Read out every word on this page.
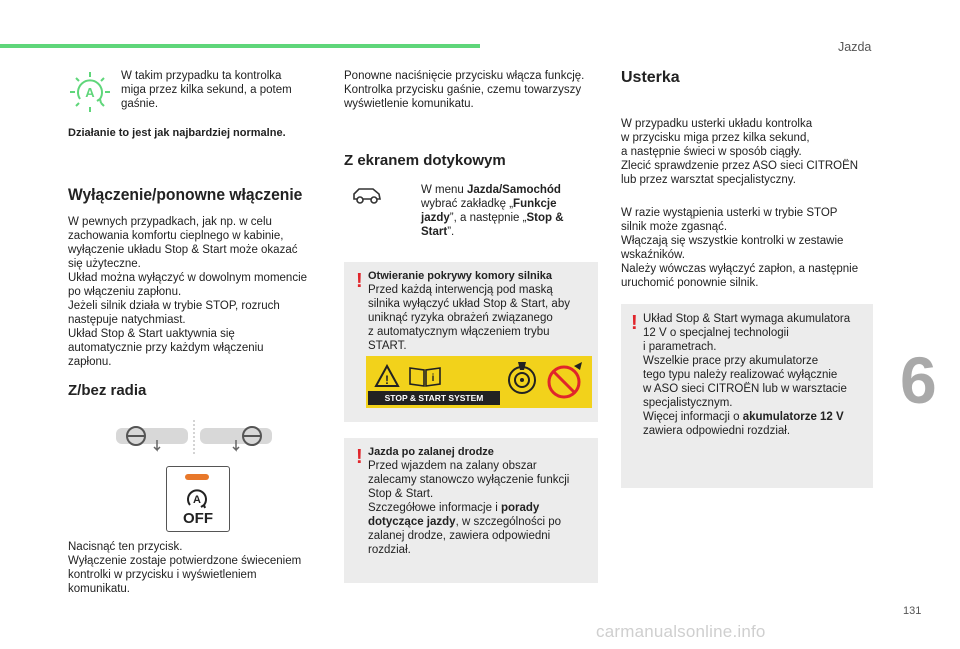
Jazda
6
131
carmanualsonline.info
A
W takim przypadku ta kontrolka
miga przez kilka sekund, a potem
gaśnie.
Działanie to jest jak najbardziej normalne.
Wyłączenie/ponowne włączenie
W pewnych przypadkach, jak np. w celu
zachowania komfortu cieplnego w kabinie,
wyłączenie układu Stop & Start może okazać
się użyteczne.
Układ można wyłączyć w dowolnym momencie
po włączeniu zapłonu.
Jeżeli silnik działa w trybie STOP, rozruch
następuje natychmiast.
Układ Stop & Start uaktywnia się
automatycznie przy każdym włączeniu
zapłonu.
Z/bez radia
A
OFF
Nacisnąć ten przycisk.
Wyłączenie zostaje potwierdzone świeceniem
kontrolki w przycisku i wyświetleniem
komunikatu.
Ponowne naciśnięcie przycisku włącza funkcję.
Kontrolka przycisku gaśnie, czemu towarzyszy
wyświetlenie komunikatu.
Z ekranem dotykowym
W menu Jazda/Samochód
wybrać zakładkę „Funkcje
jazdy”, a następnie „Stop &
Start”.
! Otwieranie pokrywy komory silnika
Przed każdą interwencją pod maską
silnika wyłączyć układ Stop & Start, aby
uniknąć ryzyka obrażeń związanego
z automatycznym włączeniem trybu
START.
!	i
STOP & START SYSTEM
! Jazda po zalanej drodze
Przed wjazdem na zalany obszar
zalecamy stanowczo wyłączenie funkcji
Stop & Start.
Szczegółowe informacje i porady
dotyczące jazdy, w szczególności po
zalanej drodze, zawiera odpowiedni
rozdział.
Usterka
W przypadku usterki układu kontrolka
w przycisku miga przez kilka sekund,
a następnie świeci w sposób ciągły.
Zlecić sprawdzenie przez ASO sieci CITROËN
lub przez warsztat specjalistyczny.
W razie wystąpienia usterki w trybie STOP
silnik może zgasnąć.
Włączają się wszystkie kontrolki w zestawie
wskaźników.
Należy wówczas wyłączyć zapłon, a następnie
uruchomić ponownie silnik.
! Układ Stop & Start wymaga akumulatora
12 V o specjalnej technologii
i parametrach.
Wszelkie prace przy akumulatorze
tego typu należy realizować wyłącznie
w ASO sieci CITROËN lub w warsztacie
specjalistycznym.
Więcej informacji o akumulatorze 12 V
zawiera odpowiedni rozdział.
